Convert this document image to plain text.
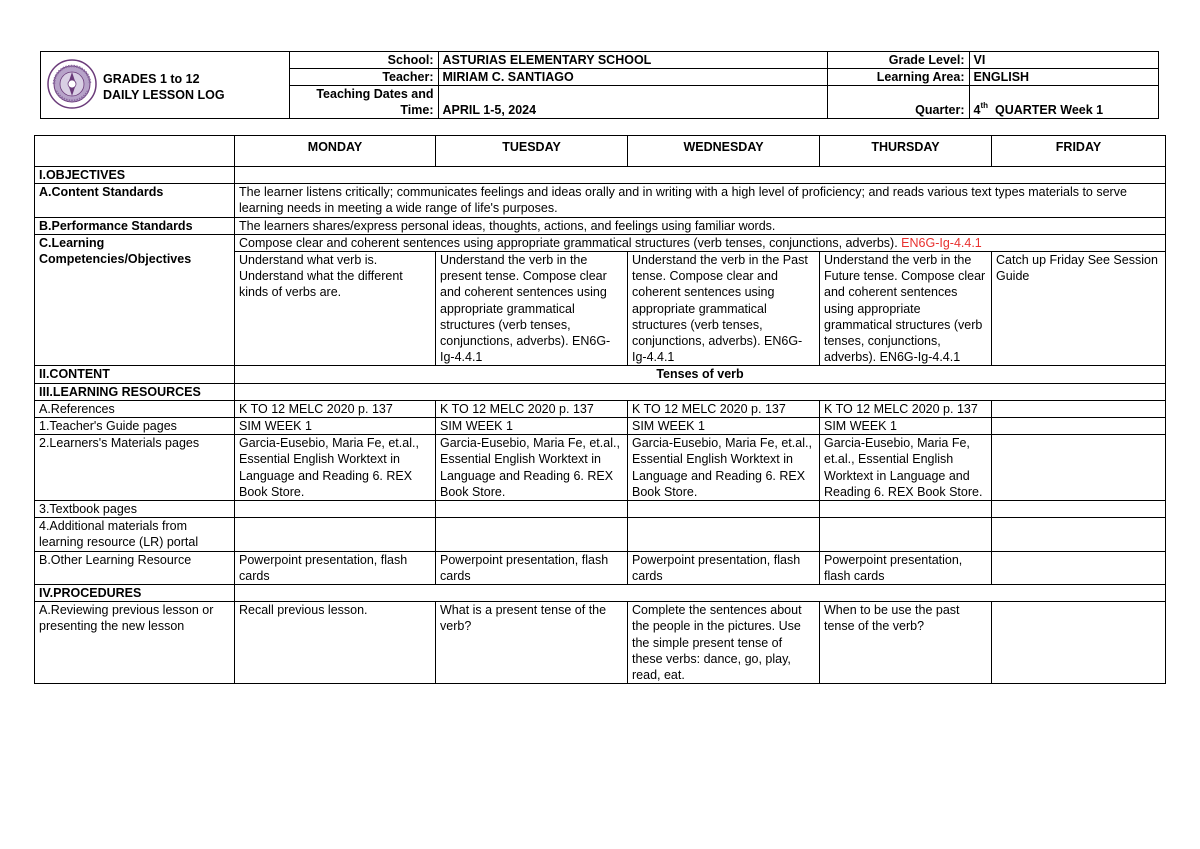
GRADES 1 to 12
DAILY LESSON LOG
School:	ASTURIAS ELEMENTARY SCHOOL	Grade Level:	VI
Teacher:	MIRIAM C. SANTIAGO	Learning Area:	ENGLISH

Teaching Dates and
Time:	APRIL 1-5, 2024	Quarter:	4th QUARTER Week 1
	MONDAY	TUESDAY	WEDNESDAY	THURSDAY	FRIDAY
I.OBJECTIVES					
A.Content Standards	The learner listens critically; communicates feelings and ideas orally and in writing with a high level of proficiency; and reads various text types materials to serve learning needs in meeting a wide range of life's purposes.				
B.Performance Standards	The learners shares/express personal ideas, thoughts, actions, and feelings using familiar words.				

C.Learning
Competencies/Objectives	Compose clear and coherent sentences using appropriate grammatical structures (verb tenses, conjunctions, adverbs). EN6G-Ig-4.4.1				
	Understand what verb is. Understand what the different kinds of verbs are.	Understand the verb in the present tense. Compose clear and coherent sentences using appropriate grammatical structures (verb tenses, conjunctions, adverbs). EN6G-Ig-4.4.1	Understand the verb in the Past tense. Compose clear and coherent sentences using appropriate grammatical structures (verb tenses, conjunctions, adverbs). EN6G-Ig-4.4.1	Understand the verb in the Future tense. Compose clear and coherent sentences using appropriate grammatical structures (verb tenses, conjunctions, adverbs). EN6G-Ig-4.4.1	Catch up Friday See Session Guide
II.CONTENT	Tenses of verb				
III.LEARNING RESOURCES					
A.References	K TO 12 MELC 2020 p. 137	K TO 12 MELC 2020 p. 137	K TO 12 MELC 2020 p. 137	K TO 12 MELC 2020 p. 137	
1.Teacher's Guide pages	SIM WEEK 1	SIM WEEK 1	SIM WEEK 1	SIM WEEK 1	
2.Learners's Materials pages	Garcia-Eusebio, Maria Fe, et.al., Essential English Worktext in Language and Reading 6. REX Book Store.	Garcia-Eusebio, Maria Fe, et.al., Essential English Worktext in Language and Reading 6. REX Book Store.	Garcia-Eusebio, Maria Fe, et.al., Essential English Worktext in Language and Reading 6. REX Book Store.	Garcia-Eusebio, Maria Fe, et.al., Essential English Worktext in Language and Reading 6. REX Book Store.	
3.Textbook pages					
4.Additional materials from learning resource (LR) portal					
B.Other Learning Resource	Powerpoint presentation, flash cards	Powerpoint presentation, flash cards	Powerpoint presentation, flash cards	Powerpoint presentation, flash cards	
IV.PROCEDURES					
A.Reviewing previous lesson or presenting the new lesson	Recall previous lesson.	What is a present tense of the verb?	Complete the sentences about the people in the pictures. Use the simple present tense of these verbs: dance, go, play, read, eat.	When to be use the past tense of the verb?	
